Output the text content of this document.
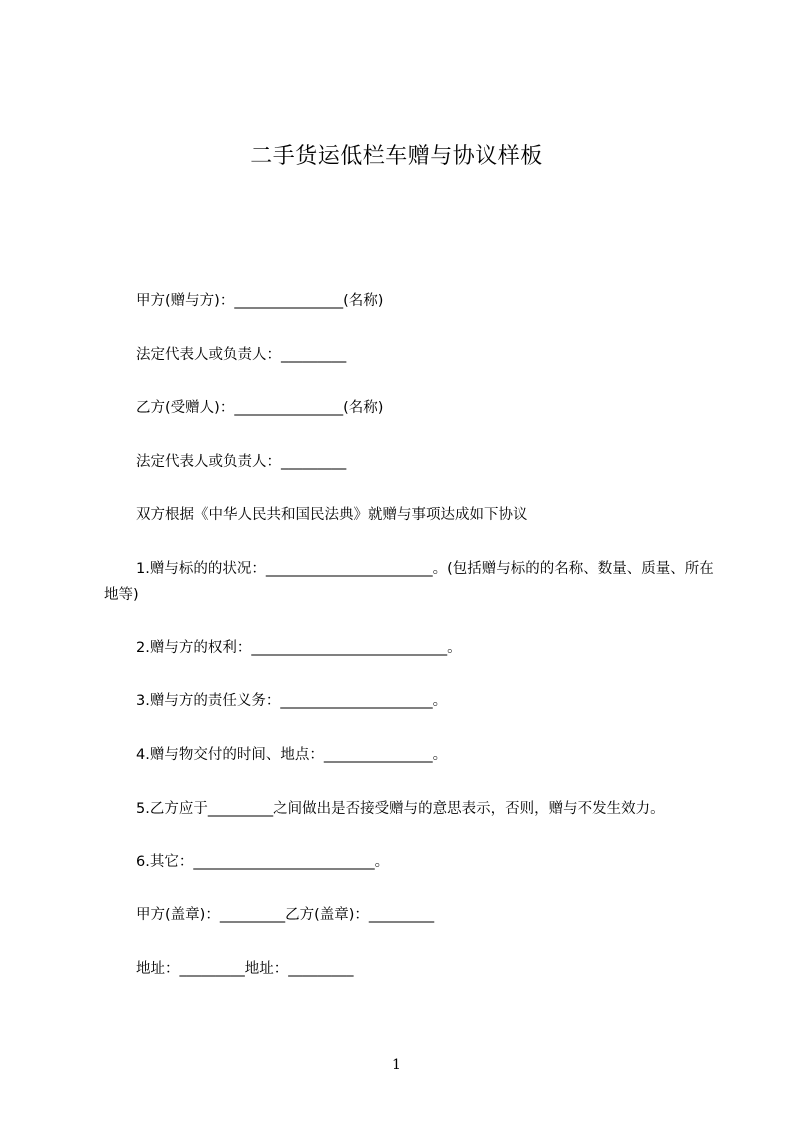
二手货运低栏车赠与协议样板
甲方(赠与方)：_______________(名称)
法定代表人或负责人：_________
乙方(受赠人)：_______________(名称)
法定代表人或负责人：_________
双方根据《中华人民共和国民法典》就赠与事项达成如下协议
1.赠与标的的状况：_______________________。(包括赠与标的的名称、数量、质量、所在地等)
2.赠与方的权利：___________________________。
3.赠与方的责任义务：_____________________。
4.赠与物交付的时间、地点：_______________。
5.乙方应于_________之间做出是否接受赠与的意思表示，否则，赠与不发生效力。
6.其它：_________________________。
甲方(盖章)：_________乙方(盖章)：_________
地址：_________地址：_________
1
